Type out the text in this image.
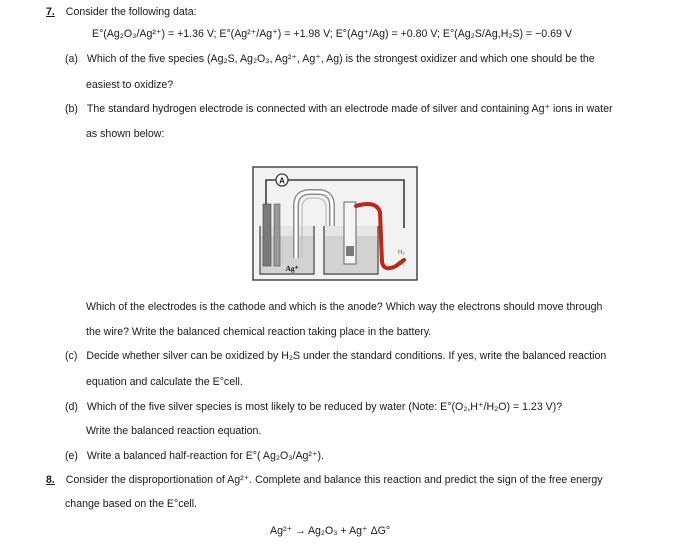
7. Consider the following data:
E°(Ag₂O₃/Ag²⁺) = +1.36 V; E°(Ag²⁺/Ag⁺) = +1.98 V; E°(Ag⁺/Ag) = +0.80 V; E°(Ag₂S/Ag,H₂S) = −0.69 V
(a) Which of the five species (Ag₂S, Ag₂O₃, Ag²⁺, Ag⁺, Ag) is the strongest oxidizer and which one should be the
easiest to oxidize?
(b) The standard hydrogen electrode is connected with an electrode made of silver and containing Ag⁺ ions in water
as shown below:
A
Ag⁺
H₂
H₂
Which of the electrodes is the cathode and which is the anode? Which way the electrons should move through
the wire? Write the balanced chemical reaction taking place in the battery.
(c) Decide whether silver can be oxidized by H₂S under the standard conditions. If yes, write the balanced reaction
equation and calculate the E°cell.
(d) Which of the five silver species is most likely to be reduced by water (Note: E°(O₂,H⁺/H₂O) = 1.23 V)?
Write the balanced reaction equation.
(e) Write a balanced half-reaction for E°( Ag₂O₃/Ag²⁺).
8. Consider the disproportionation of Ag²⁺. Complete and balance this reaction and predict the sign of the free energy
change based on the E°cell.
Ag²⁺ → Ag₂O₃ + Ag⁺ ΔG°
